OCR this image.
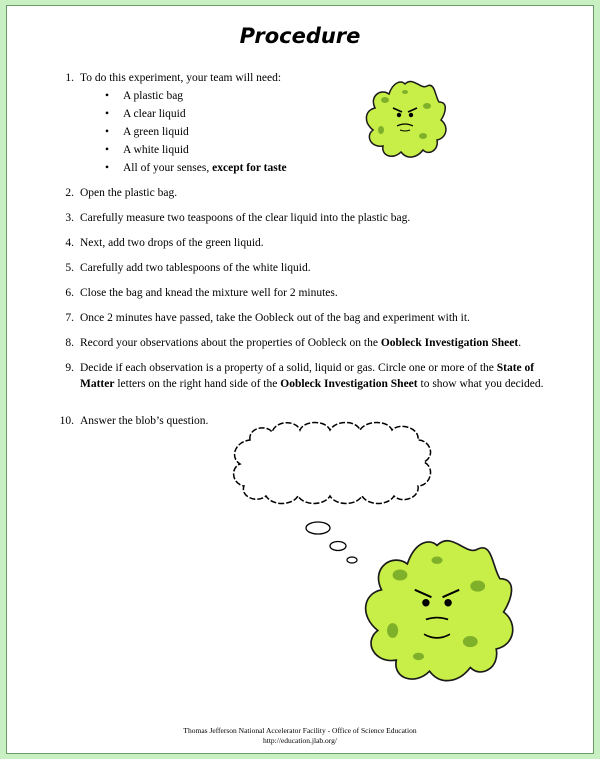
Procedure
1. To do this experiment, your team will need:
• A plastic bag
• A clear liquid
• A green liquid
• A white liquid
• All of your senses, except for taste
2. Open the plastic bag.
3. Carefully measure two teaspoons of the clear liquid into the plastic bag.
4. Next, add two drops of the green liquid.
5. Carefully add two tablespoons of the white liquid.
6. Close the bag and knead the mixture well for 2 minutes.
7. Once 2 minutes have passed, take the Oobleck out of the bag and experiment with it.
8. Record your observations about the properties of Oobleck on the Oobleck Investigation Sheet.
9. Decide if each observation is a property of a solid, liquid or gas. Circle one or more of the State of Matter letters on the right hand side of the Oobleck Investigation Sheet to show what you decided.
10. Answer the blob’s question.
Thomas Jefferson National Accelerator Facility - Office of Science Education
http://education.jlab.org/
